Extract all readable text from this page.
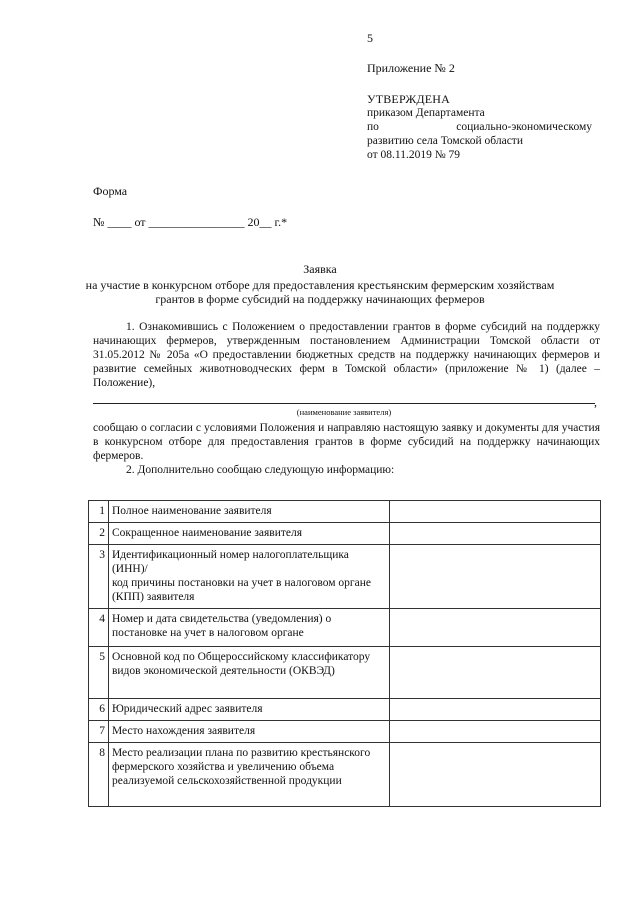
5
Приложение № 2
УТВЕРЖДЕНА
приказом Департамента
по	социально-экономическому
развитию села Томской области
от 08.11.2019 № 79
Форма
№ ____ от ________________ 20__ г.*
Заявка
на участие в конкурсном отборе для предоставления крестьянским фермерским хозяйствам
грантов в форме субсидий на поддержку начинающих фермеров

1. Ознакомившись с Положением о предоставлении грантов в форме субсидий на поддержку начинающих фермеров, утвержденным постановлением Администрации Томской области от 31.05.2012 № 205а «О предоставлении бюджетных средств на поддержку начинающих фермеров и развитие семейных животноводческих ферм в Томской области» (приложение № 1) (далее – Положение),

,
(наименование заявителя)

сообщаю о согласии с условиями Положения и направляю настоящую заявку и документы для участия в конкурсном отборе для предоставления грантов в форме субсидий на поддержку начинающих фермеров.

2. Дополнительно сообщаю следующую информацию:
1	Полное наименование заявителя	
2	Сокращенное наименование заявителя	
3	Идентификационный номер налогоплательщика (ИНН)/
код причины постановки на учет в налоговом органе (КПП) заявителя	
4	Номер и дата свидетельства (уведомления) о постановке на учет в налоговом органе	
5	Основной код по Общероссийскому классификатору видов экономической деятельности (ОКВЭД)	
6	Юридический адрес заявителя	
7	Место нахождения заявителя	
8	Место реализации плана по развитию крестьянского фермерского хозяйства и увеличению объема реализуемой сельскохозяйственной продукции	
